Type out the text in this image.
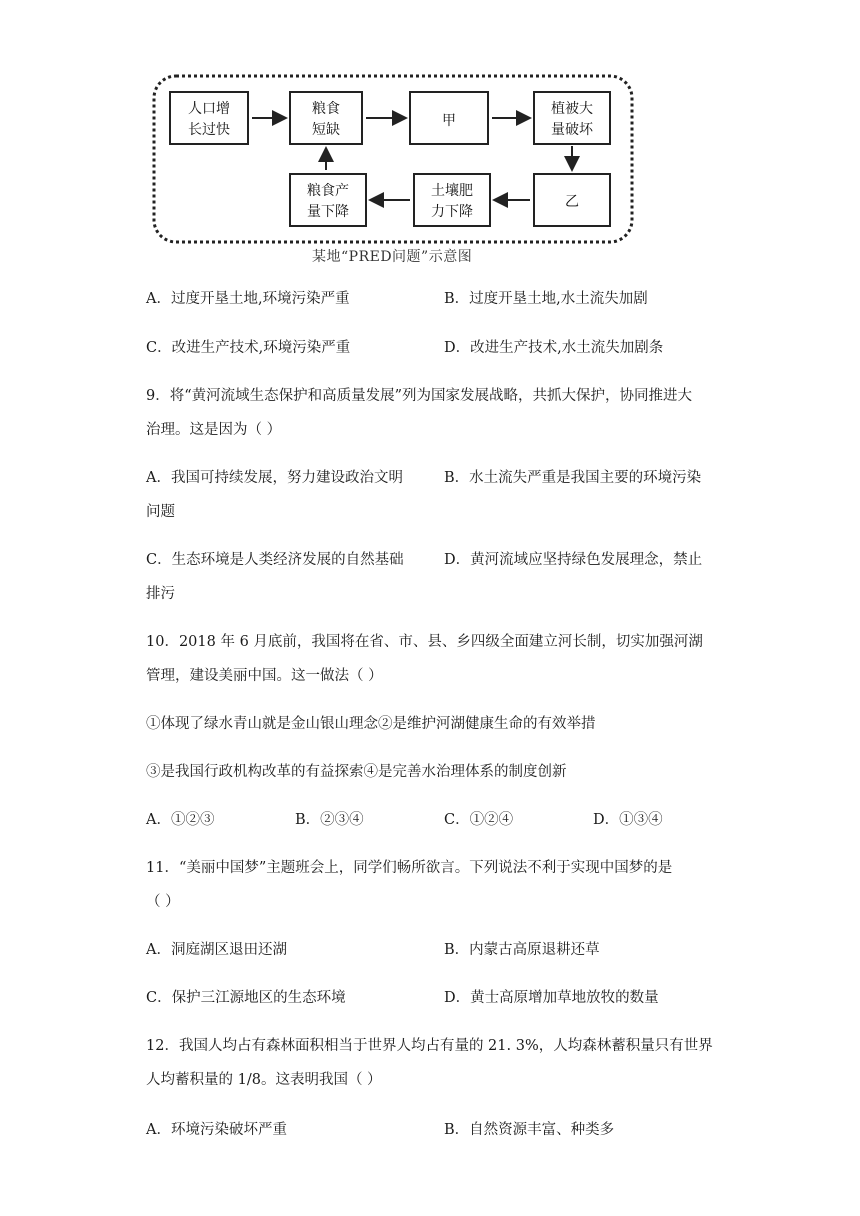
人口增
长过快
粮食
短缺
甲
植被大
量破坏
乙
土壤肥
力下降
粮食产
量下降
某地“PRED问题”示意图
A．过度开垦土地,环境污染严重	B．过度开垦土地,水土流失加剧
C．改进生产技术,环境污染严重	D．改进生产技术,水土流失加剧条
9．将“黄河流域生态保护和高质量发展”列为国家发展战略，共抓大保护，协同推进大
治理。这是因为（ ）
A．我国可持续发展，努力建设政治文明	B．水土流失严重是我国主要的环境污染
问题
C．生态环境是人类经济发展的自然基础	D．黄河流域应坚持绿色发展理念，禁止
排污
10．2018 年 6 月底前，我国将在省、市、县、乡四级全面建立河长制，切实加强河湖
管理，建设美丽中国。这一做法（ ）
①体现了绿水青山就是金山银山理念②是维护河湖健康生命的有效举措
③是我国行政机构改革的有益探索④是完善水治理体系的制度创新
A．①②③	B．②③④	C．①②④	D．①③④
11．“美丽中国梦”主题班会上，同学们畅所欲言。下列说法不利于实现中国梦的是
（ ）
A．洞庭湖区退田还湖	B．内蒙古高原退耕还草
C．保护三江源地区的生态环境	D．黄士高原增加草地放牧的数量
12．我国人均占有森林面积相当于世界人均占有量的 21. 3%，人均森林蓄积量只有世界
人均蓄积量的 1/8。这表明我国（ ）
A．环境污染破坏严重	B．自然资源丰富、种类多
